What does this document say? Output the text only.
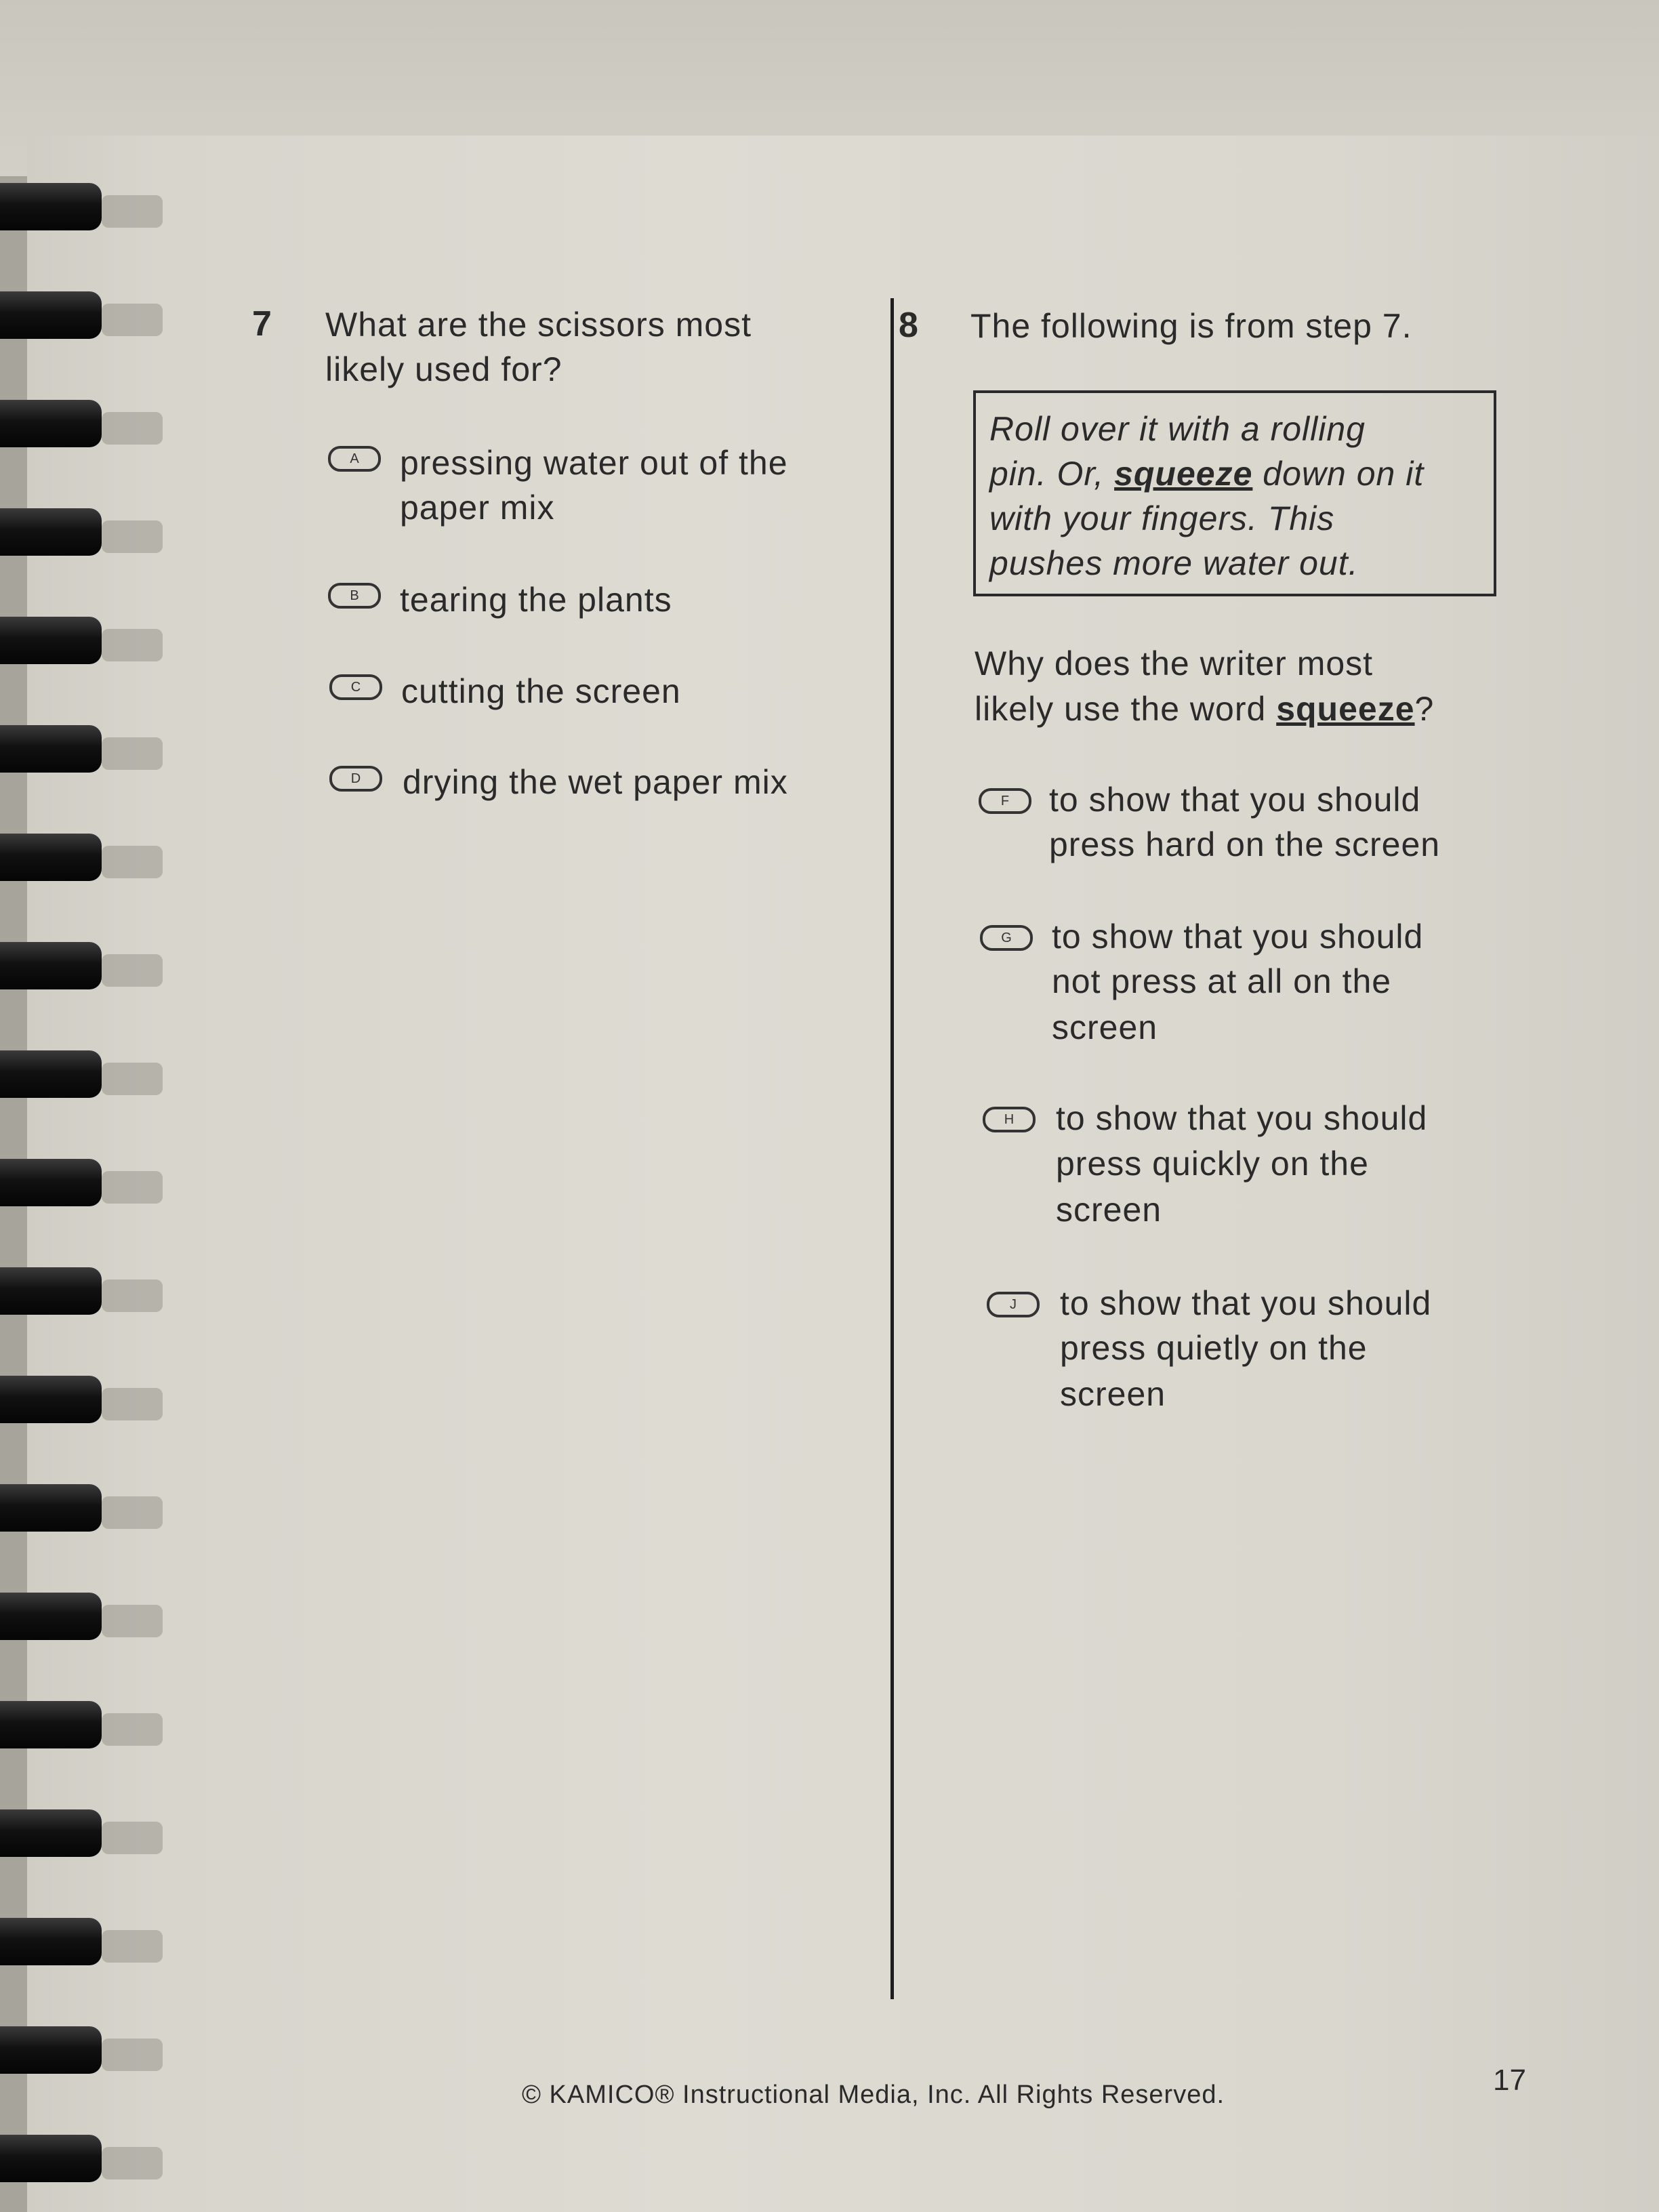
7 What are the scissors most
likely used for?
A	pressing water out of the
paper mix
B	tearing the plants
C	cutting the screen
D	drying the wet paper mix
8 The following is from step 7.
Roll over it with a rolling
pin. Or, squeeze down on it
with your fingers. This
pushes more water out.
Why does the writer most
likely use the word squeeze?
F	to show that you should
press hard on the screen
G	to show that you should
not press at all on the
screen
H	to show that you should
press quickly on the
screen
J	to show that you should
press quietly on the
screen
© KAMICO® Instructional Media, Inc. All Rights Reserved.	17
